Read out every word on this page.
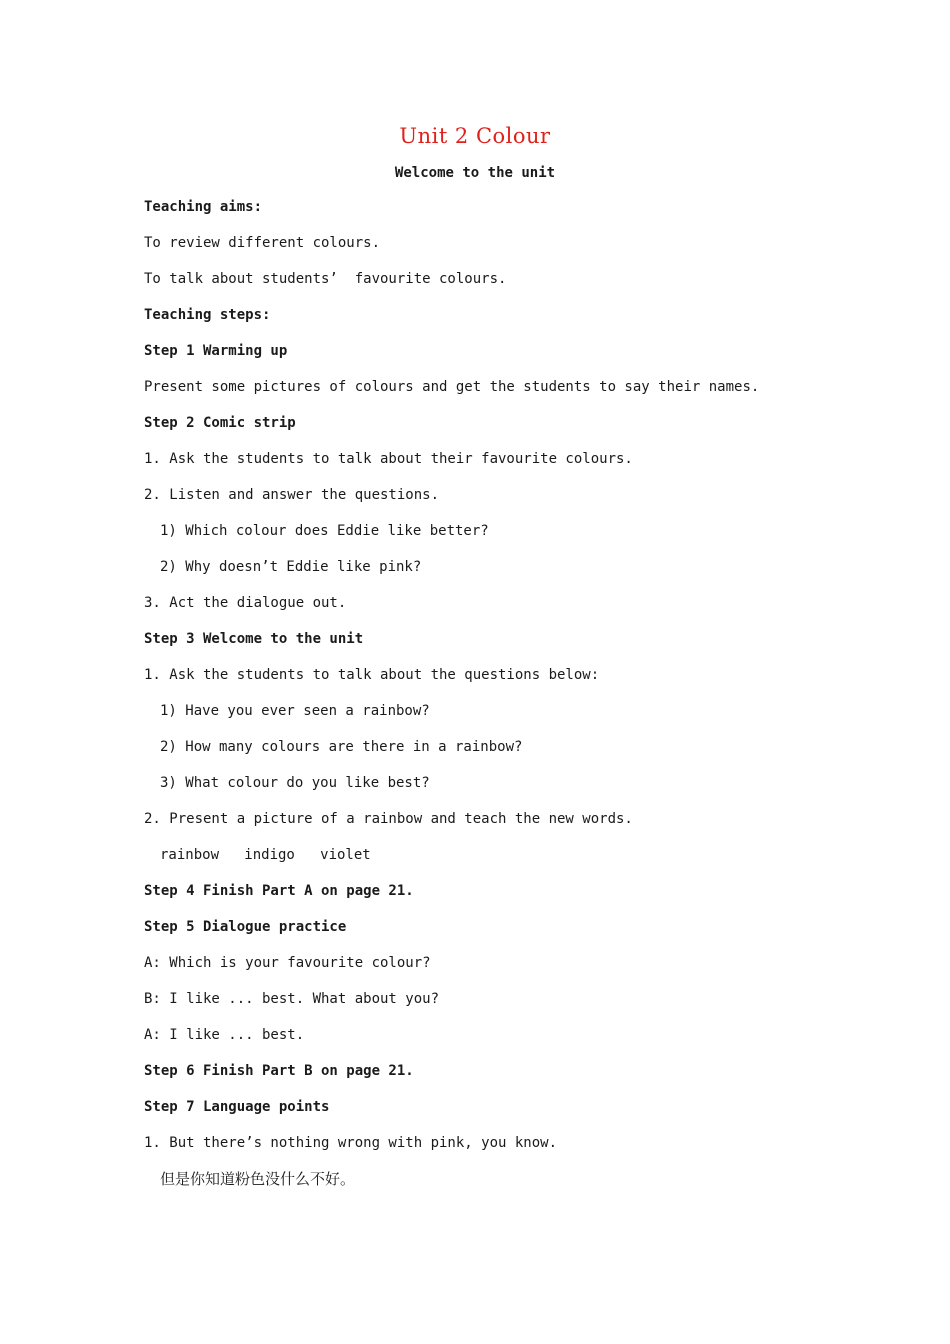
Unit 2 Colour
Welcome to the unit
Teaching aims:
To review different colours.
To talk about students’  favourite colours.
Teaching steps:
Step 1 Warming up
Present some pictures of colours and get the students to say their names.
Step 2 Comic strip
1. Ask the students to talk about their favourite colours.
2. Listen and answer the questions.
1) Which colour does Eddie like better?
2) Why doesn’t Eddie like pink?
3. Act the dialogue out.
Step 3 Welcome to the unit
1. Ask the students to talk about the questions below:
1) Have you ever seen a rainbow?
2) How many colours are there in a rainbow?
3) What colour do you like best?
2. Present a picture of a rainbow and teach the new words.
rainbow   indigo   violet
Step 4 Finish Part A on page 21.
Step 5 Dialogue practice
A: Which is your favourite colour?
B: I like ... best. What about you?
A: I like ... best.
Step 6 Finish Part B on page 21.
Step 7 Language points
1. But there’s nothing wrong with pink, you know.
但是你知道粉色没什么不好。
